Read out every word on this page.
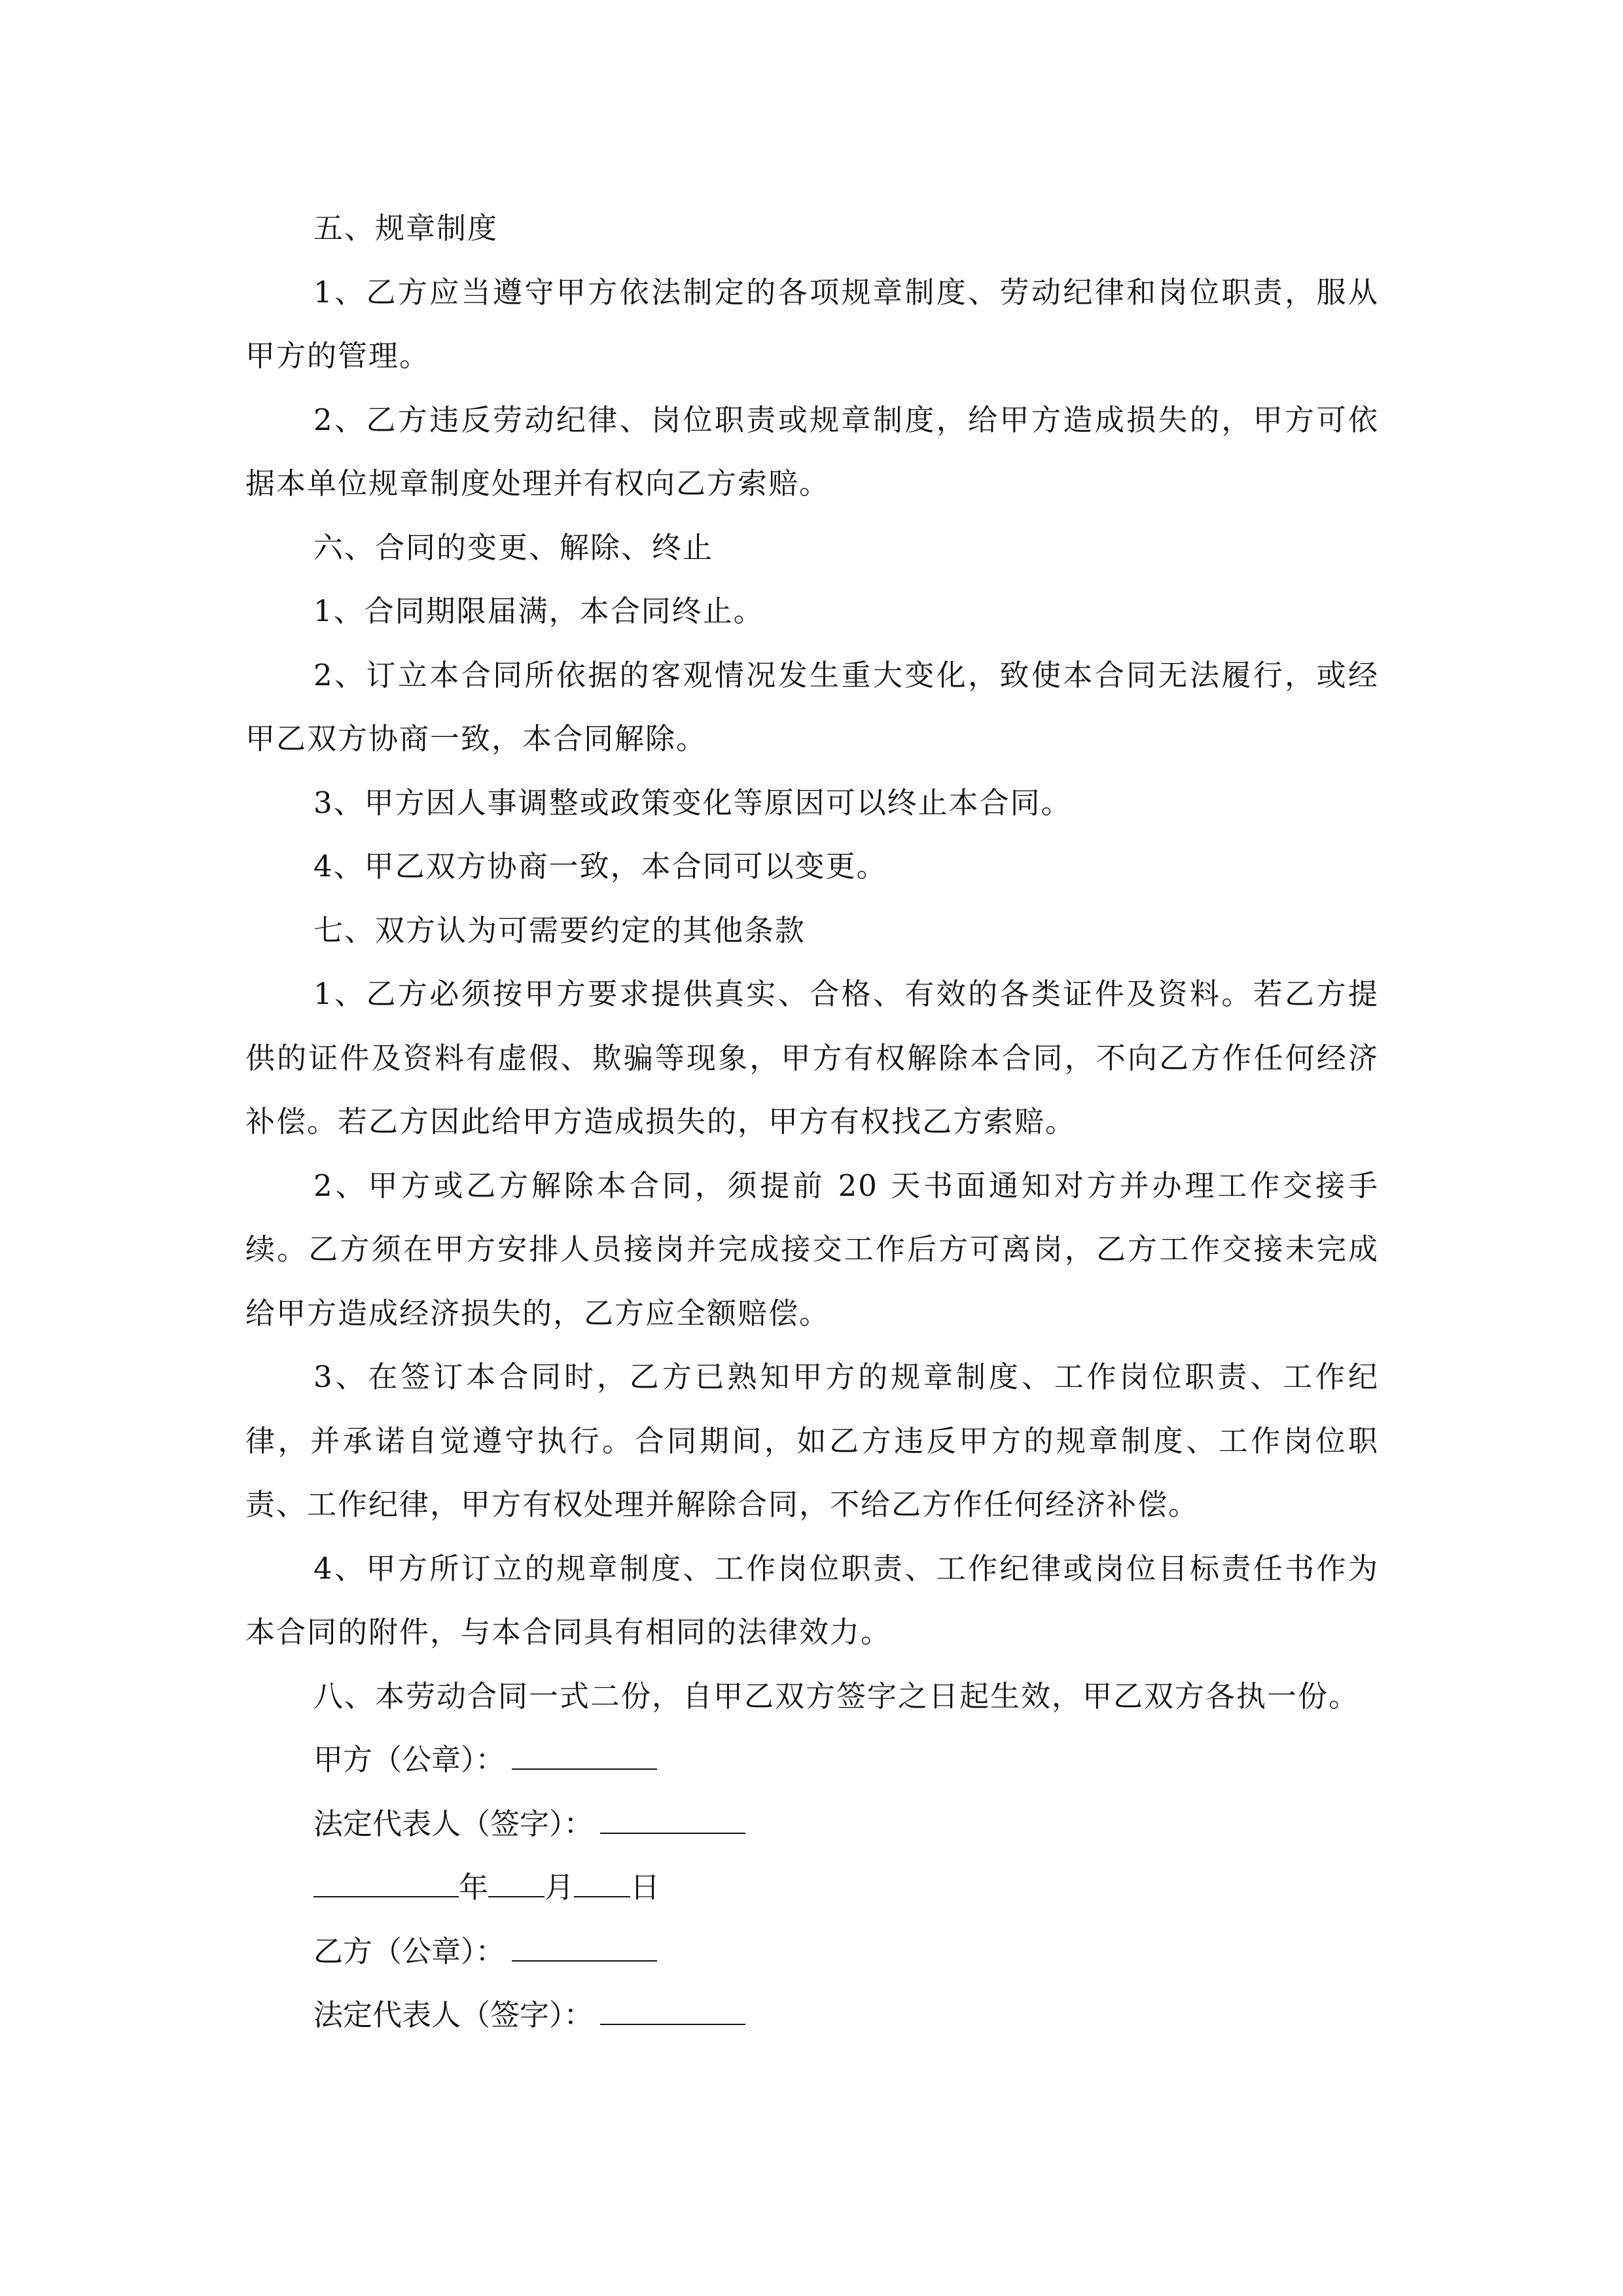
五、规章制度

1、乙方应当遵守甲方依法制定的各项规章制度、劳动纪律和岗位职责，服从甲方的管理。

2、乙方违反劳动纪律、岗位职责或规章制度，给甲方造成损失的，甲方可依据本单位规章制度处理并有权向乙方索赔。

六、合同的变更、解除、终止

1、合同期限届满，本合同终止。

2、订立本合同所依据的客观情况发生重大变化，致使本合同无法履行，或经甲乙双方协商一致，本合同解除。

3、甲方因人事调整或政策变化等原因可以终止本合同。

4、甲乙双方协商一致，本合同可以变更。

七、双方认为可需要约定的其他条款

1、乙方必须按甲方要求提供真实、合格、有效的各类证件及资料。若乙方提供的证件及资料有虚假、欺骗等现象，甲方有权解除本合同，不向乙方作任何经济补偿。若乙方因此给甲方造成损失的，甲方有权找乙方索赔。

2、甲方或乙方解除本合同，须提前 20 天书面通知对方并办理工作交接手续。乙方须在甲方安排人员接岗并完成接交工作后方可离岗，乙方工作交接未完成给甲方造成经济损失的，乙方应全额赔偿。

3、在签订本合同时，乙方已熟知甲方的规章制度、工作岗位职责、工作纪律，并承诺自觉遵守执行。合同期间，如乙方违反甲方的规章制度、工作岗位职责、工作纪律，甲方有权处理并解除合同，不给乙方作任何经济补偿。

4、甲方所订立的规章制度、工作岗位职责、工作纪律或岗位目标责任书作为本合同的附件，与本合同具有相同的法律效力。

八、本劳动合同一式二份，自甲乙双方签字之日起生效，甲乙双方各执一份。

甲方（公章）：
法定代表人（签字）：
年 月 日
乙方（公章）：
法定代表人（签字）：
